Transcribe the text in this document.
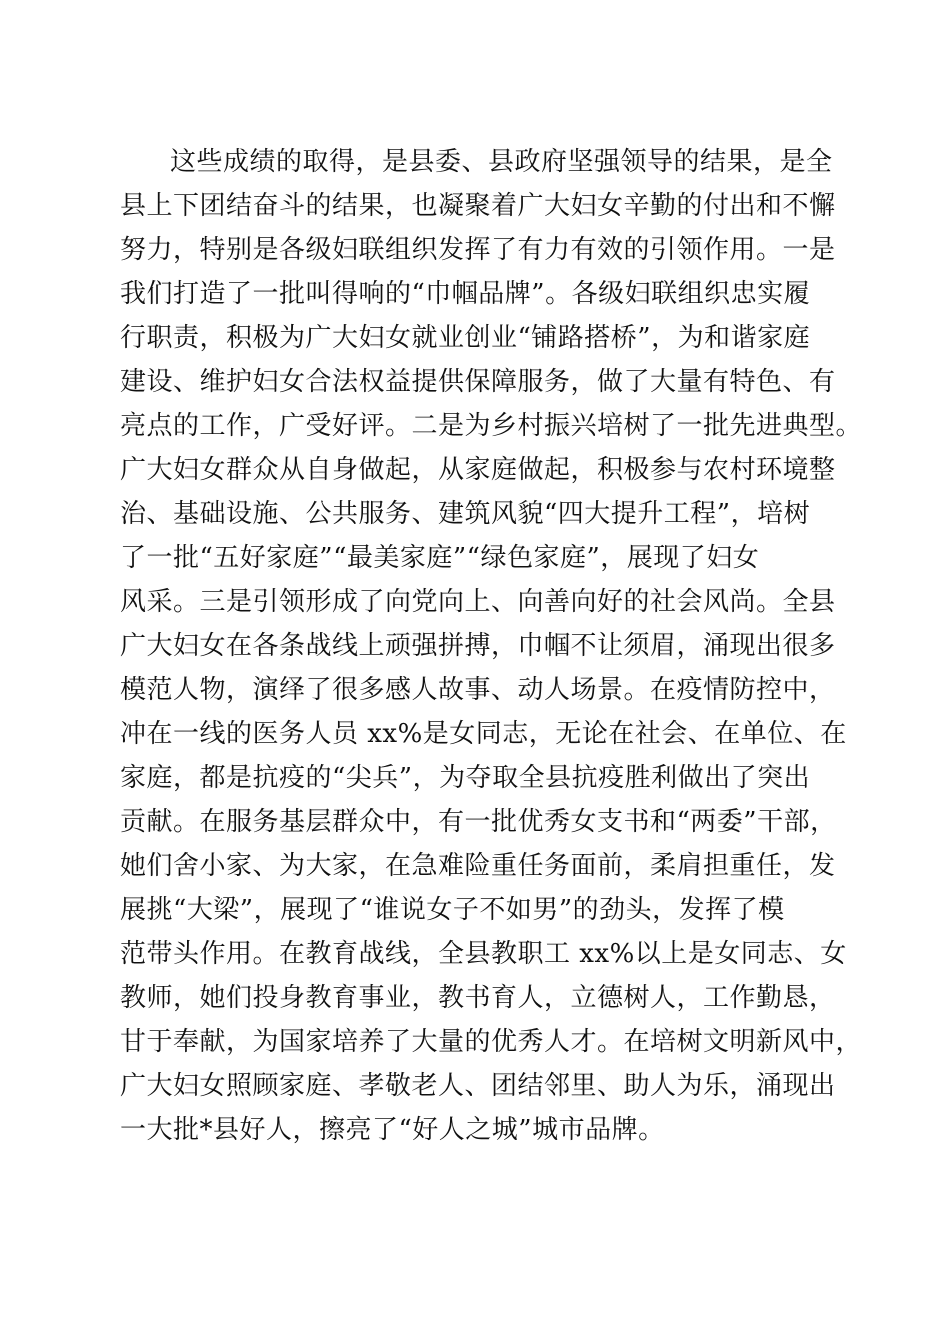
这些成绩的取得，是县委、县政府坚强领导的结果，是全
县上下团结奋斗的结果，也凝聚着广大妇女辛勤的付出和不懈
努力，特别是各级妇联组织发挥了有力有效的引领作用。一是
我们打造了一批叫得响的“巾帼品牌”。各级妇联组织忠实履
行职责，积极为广大妇女就业创业“铺路搭桥”，为和谐家庭
建设、维护妇女合法权益提供保障服务，做了大量有特色、有
亮点的工作，广受好评。二是为乡村振兴培树了一批先进典型。
广大妇女群众从自身做起，从家庭做起，积极参与农村环境整
治、基础设施、公共服务、建筑风貌“四大提升工程”，培树
了一批“五好家庭”“最美家庭”“绿色家庭”，展现了妇女
风采。三是引领形成了向党向上、向善向好的社会风尚。全县
广大妇女在各条战线上顽强拼搏，巾帼不让须眉，涌现出很多
模范人物，演绎了很多感人故事、动人场景。在疫情防控中，
冲在一线的医务人员 xx%是女同志，无论在社会、在单位、在
家庭，都是抗疫的“尖兵”，为夺取全县抗疫胜利做出了突出
贡献。在服务基层群众中，有一批优秀女支书和“两委”干部，
她们舍小家、为大家，在急难险重任务面前，柔肩担重任，发
展挑“大梁”，展现了“谁说女子不如男”的劲头，发挥了模
范带头作用。在教育战线，全县教职工 xx%以上是女同志、女
教师，她们投身教育事业，教书育人，立德树人，工作勤恳，
甘于奉献，为国家培养了大量的优秀人才。在培树文明新风中，
广大妇女照顾家庭、孝敬老人、团结邻里、助人为乐，涌现出
一大批*县好人，擦亮了“好人之城”城市品牌。
